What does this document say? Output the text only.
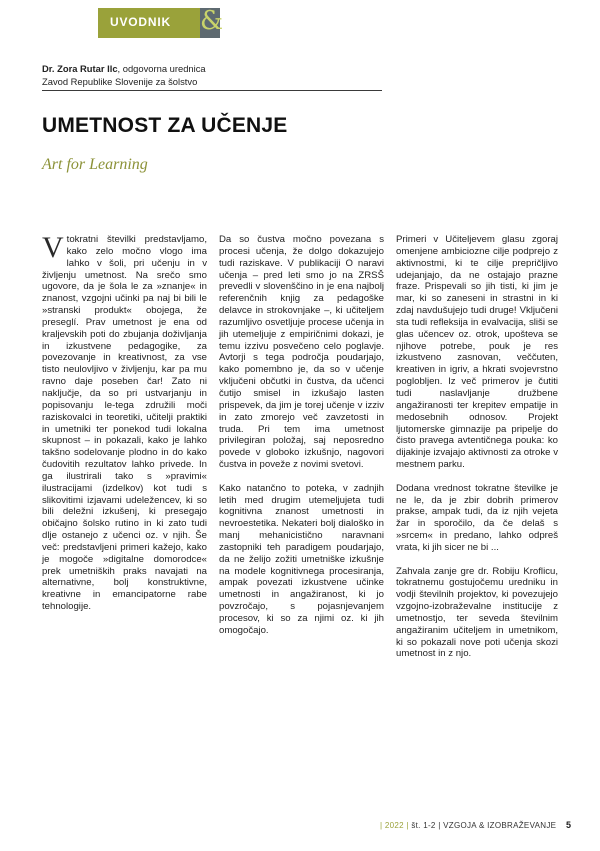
UVODNIK &
Dr. Zora Rutar Ilc, odgovorna urednica
Zavod Republike Slovenije za šolstvo
UMETNOST ZA UČENJE
Art for Learning

Vtokratni številki predstavljamo, kako zelo močno vlogo ima lahko v šoli, pri učenju in v življenju umetnost. Na srečo smo ugovore, da je šola le za »znanje« in znanost, vzgojni učinki pa naj bi bili le »stranski produkt« obojega, že preseglí. Prav umetnost je ena od kraljevskih poti do zbujanja doživljanja in izkustvene pedagogike, za povezovanje in kreativnost, za vse tisto neulovljivo v življenju, kar pa mu ravno daje poseben čar! Zato ni naključje, da so pri ustvarjanju in popisovanju le-tega združili moči raziskovalci in teoretiki, učitelji praktiki in umetniki ter ponekod tudi lokalna skupnost – in pokazali, kako je lahko takšno sodelovanje plodno in do kako čudovitih rezultatov lahko privede. In ga ilustrirali tako s »pravimi« ilustracijami (izdelkov) kot tudi s slikovitimi izjavami udeležencev, ki so bili deležni izkušenj, ki presegajo običajno šolsko rutino in ki zato tudi dlje ostanejo z učenci oz. v njih. Še več: predstavljeni primeri kažejo, kako je mogoče »digitalne domorodce« prek umetniških praks navajati na alternativne, bolj konstruktivne, kreativne in emancipatorne rabe tehnologije.

Da so čustva močno povezana s procesi učenja, že dolgo dokazujejo tudi raziskave. V publikaciji O naravi učenja – pred leti smo jo na ZRSŠ prevedli v slovenščino in je ena najbolj referenčnih knjig za pedagoške delavce in strokovnjake –, ki učiteljem razumljivo osvetljuje procese učenja in jih utemeljuje z empiričnimi dokazi, je temu izzivu posvečeno celo poglavje. Avtorji s tega področja poudarjajo, kako pomembno je, da so v učenje vključeni občutki in čustva, da učenci čutijo smisel in izkušajo lasten prispevek, da jim je torej učenje v izziv in zato zmorejo več zavzetosti in truda. Pri tem ima umetnost privilegiran položaj, saj neposredno povede v globoko izkušnjo, nagovori čustva in poveže z novimi svetovi.

Kako natančno to poteka, v zadnjih letih med drugim utemeljujeta tudi kognitivna znanost umetnosti in nevroestetika. Nekateri bolj dialoško in manj mehanicistično naravnani zastopniki teh paradigem poudarjajo, da ne želijo zožiti umetniške izkušnje na modele kognitivnega procesiranja, ampak povezati izkustvene učinke umetnosti in angažiranost, ki jo povzročajo, s pojasnjevanjem procesov, ki so za njimi oz. ki jih omogočajo.

Primeri v Učiteljevem glasu zgoraj omenjene ambiciozne cilje podprejo z aktivnostmi, ki te cilje prepričljivo udejanjajo, da ne ostajajo prazne fraze. Prispevali so jih tisti, ki jim je mar, ki so zaneseni in strastni in ki zdaj navdušujejo tudi druge! Vključeni sta tudi refleksija in evalvacija, sliši se glas učencev oz. otrok, upošteva se njihove potrebe, pouk je res izkustveno zasnovan, veččuten, kreativen in igriv, a hkrati svojevrstno poglobljen. Iz več primerov je čutiti tudi naslavljanje družbene angažiranosti ter krepitev empatije in medosebnih odnosov. Projekt ljutomerske gimnazije pa pripelje do čisto pravega avtentičnega pouka: ko dijakinje izvajajo aktivnosti za otroke v mestnem parku.

Dodana vrednost tokratne številke je ne le, da je zbir dobrih primerov prakse, ampak tudi, da iz njih vejeta žar in sporočilo, da če delaš s »srcem« in predano, lahko odpreš vrata, ki jih sicer ne bi ...

Zahvala zanje gre dr. Robiju Kroflicu, tokratnemu gostujočemu uredniku in vodji številnih projektov, ki povezujejo vzgojno-izobraževalne institucije z umetnostjo, ter seveda številnim angažiranim učiteljem in umetnikom, ki so pokazali nove poti učenja skozi umetnost in z njo.

| 2022 | št. 1-2 | VZGOJA & IZOBRAŽEVANJE 5
